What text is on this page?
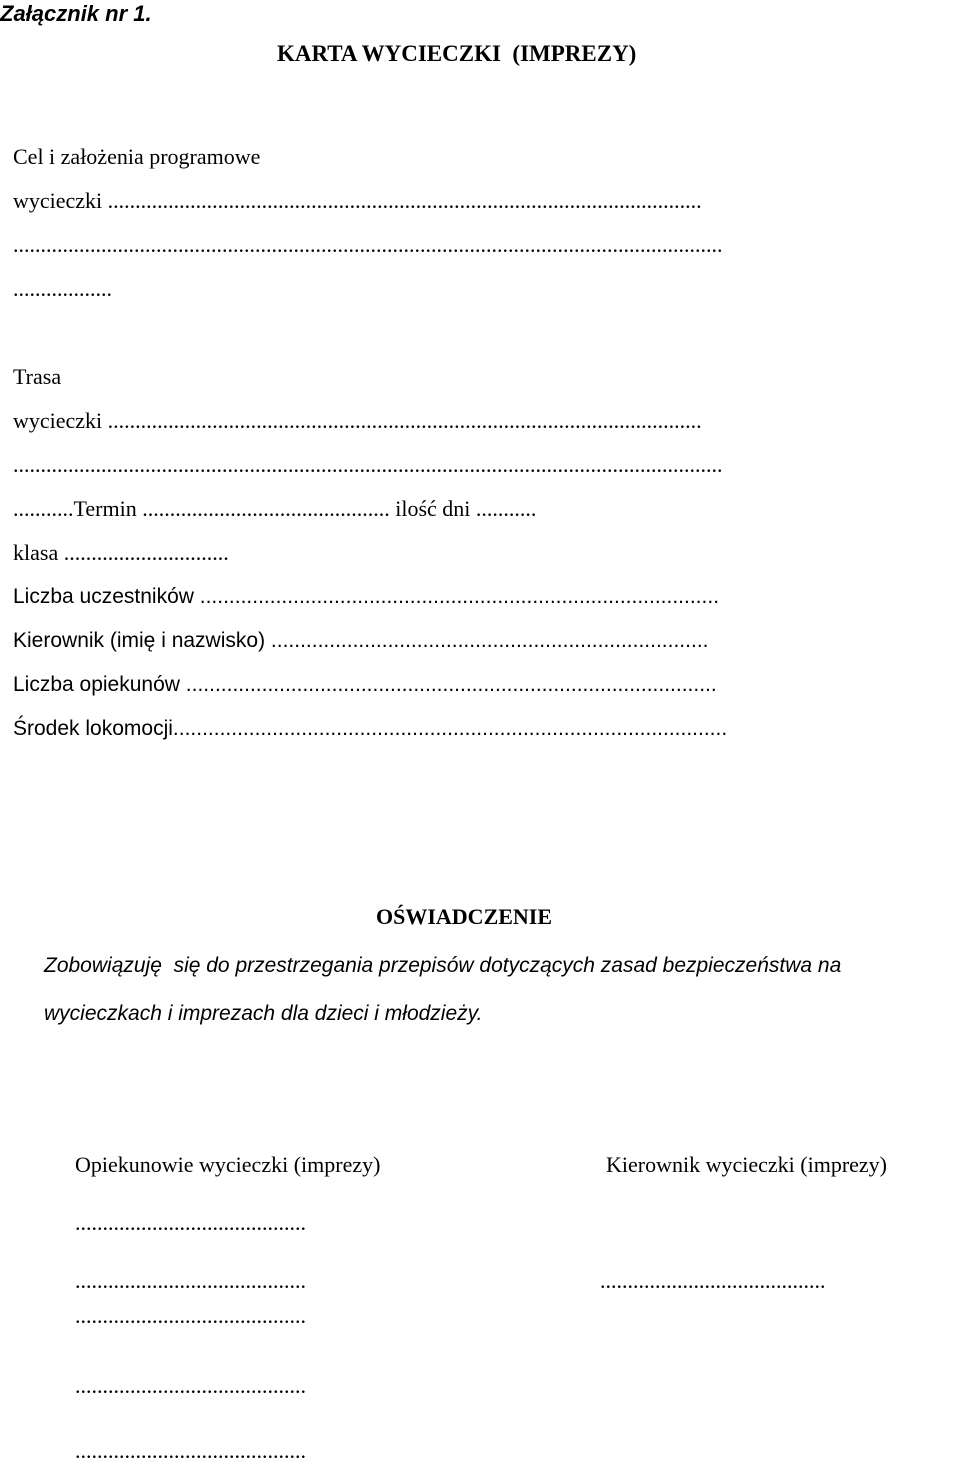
Załącznik nr 1.
KARTA WYCIECZKI  (IMPREZY)
Cel i założenia programowe
wycieczki ............................................................................................................
.................................................................................................................................
..................
Trasa
wycieczki ............................................................................................................
.................................................................................................................................
...........Termin ............................................. ilość dni ...........
klasa ..............................
Liczba uczestników .........................................................................................
Kierownik (imię i nazwisko) ...........................................................................
Liczba opiekunów ...........................................................................................
Środek lokomocji...............................................................................................
OŚWIADCZENIE
Zobowiązuję  się do przestrzegania przepisów dotyczących zasad bezpieczeństwa na
wycieczkach i imprezach dla dzieci i młodzieży.
Opiekunowie wycieczki (imprezy)	Kierownik wycieczki (imprezy)
..........................................
..........................................
..........................................
..........................................
..........................................
.........................................
